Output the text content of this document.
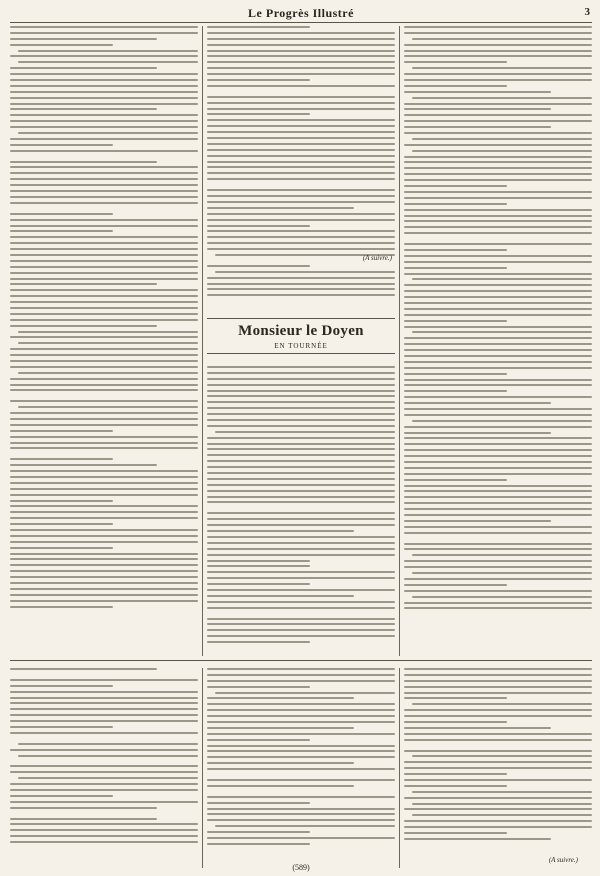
Le Progrès Illustré	3
Monsieur le Doyen
EN TOURNÉE
(A suivre.)
(A suivre.)
(589)
